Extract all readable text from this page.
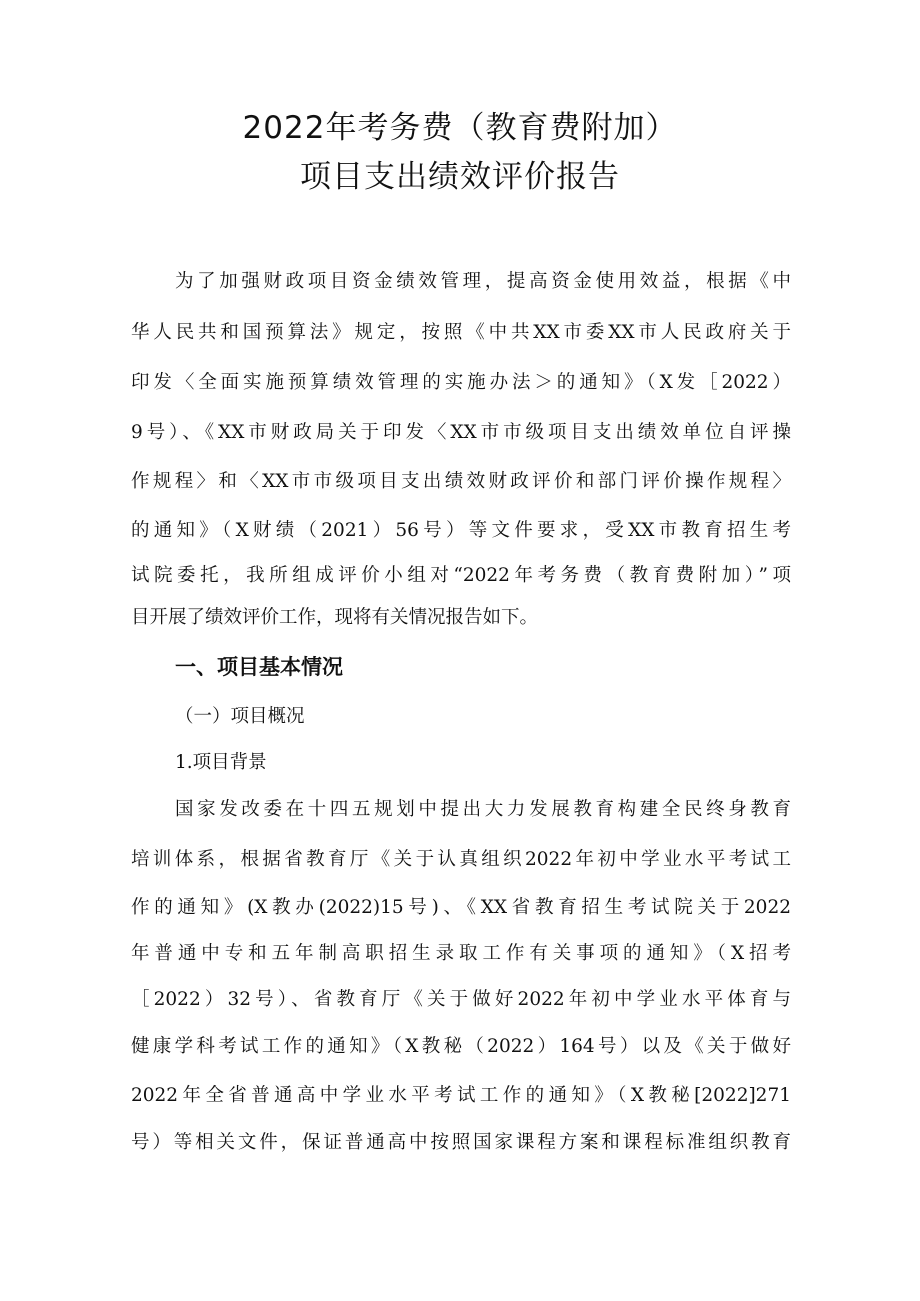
2022年考务费（教育费附加）
项目支出绩效评价报告
为了加强财政项目资金绩效管理，提高资金使用效益，根据《中
华人民共和国预算法》规定，按照《中共XX市委XX市人民政府关于
印发〈全面实施预算绩效管理的实施办法＞的通知》（X发［2022）
9号）、《XX市财政局关于印发〈XX市市级项目支出绩效单位自评操
作规程〉和〈XX市市级项目支出绩效财政评价和部门评价操作规程〉
的通知》（X财绩（2021）56号）等文件要求，受XX市教育招生考
试院委托，我所组成评价小组对“2022年考务费（教育费附加）”项
目开展了绩效评价工作，现将有关情况报告如下。
一、项目基本情况
（一）项目概况
1.项目背景
国家发改委在十四五规划中提出大力发展教育构建全民终身教育
培训体系，根据省教育厅《关于认真组织2022年初中学业水平考试工
作的通知》(X教办(2022)15号)、《XX省教育招生考试院关于2022
年普通中专和五年制高职招生录取工作有关事项的通知》（X招考
［2022）32号）、省教育厅《关于做好2022年初中学业水平体育与
健康学科考试工作的通知》（X教秘（2022）164号）以及《关于做好
2022年全省普通高中学业水平考试工作的通知》（X教秘[2022]271
号）等相关文件，保证普通高中按照国家课程方案和课程标准组织教育
